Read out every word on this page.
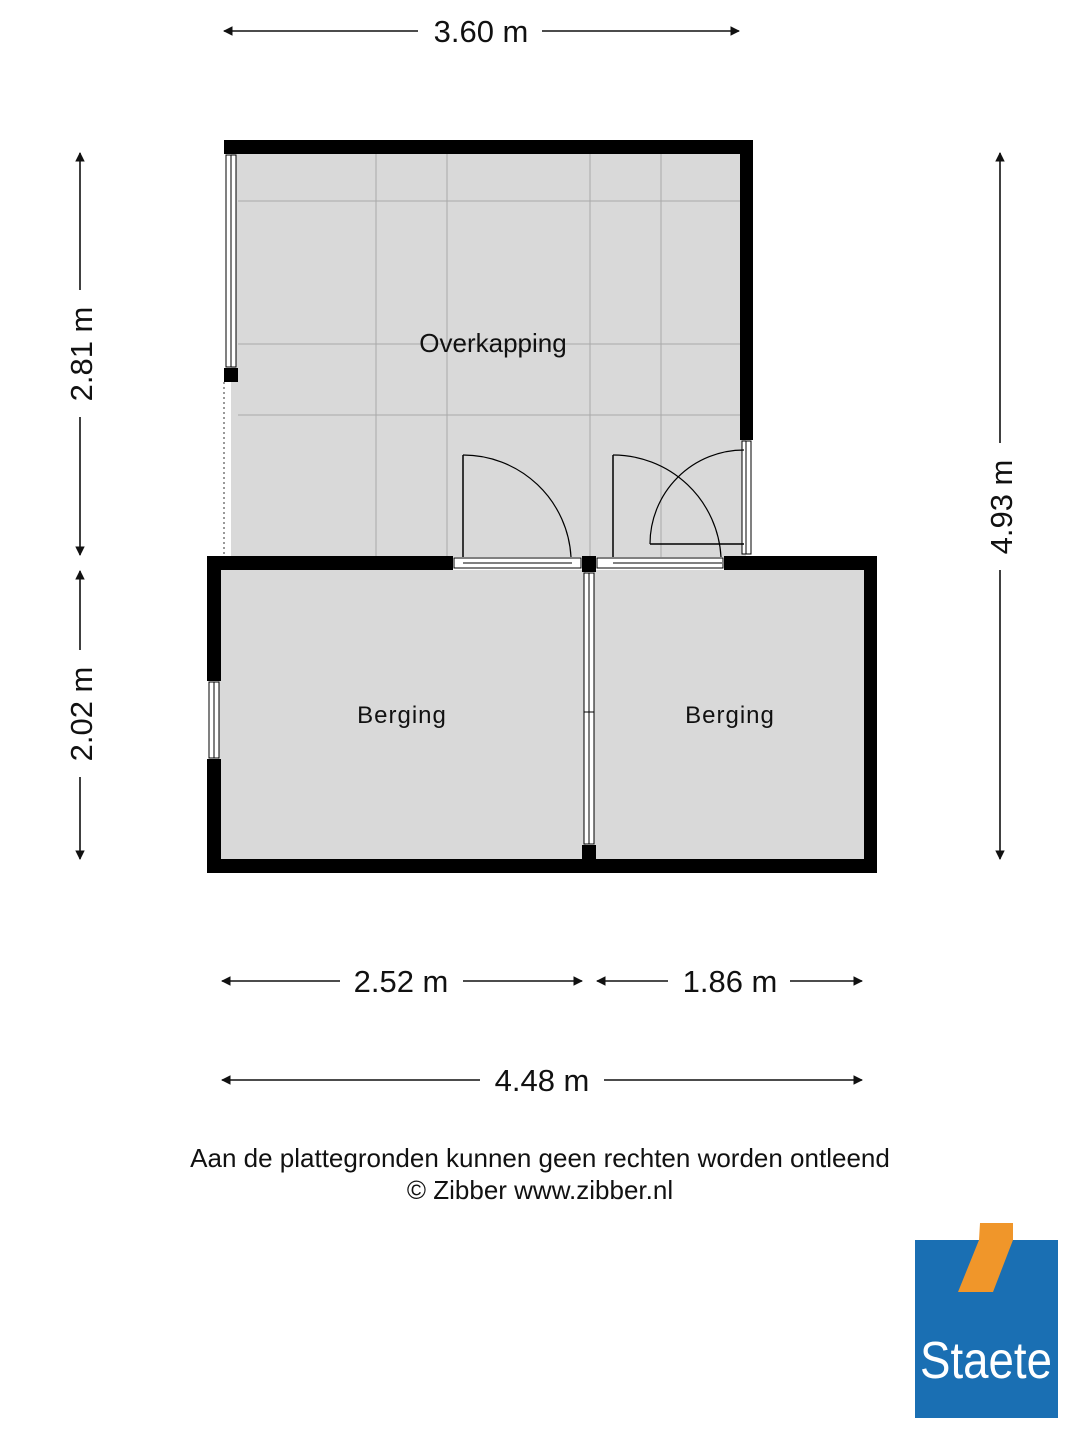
Overkapping
Berging	Berging
3.60 m
2.52 m	1.86 m
4.48 m
2.81 m
2.02 m
4.93 m
Staete
Aan de plattegronden kunnen geen rechten worden ontleend
© Zibber www.zibber.nl
